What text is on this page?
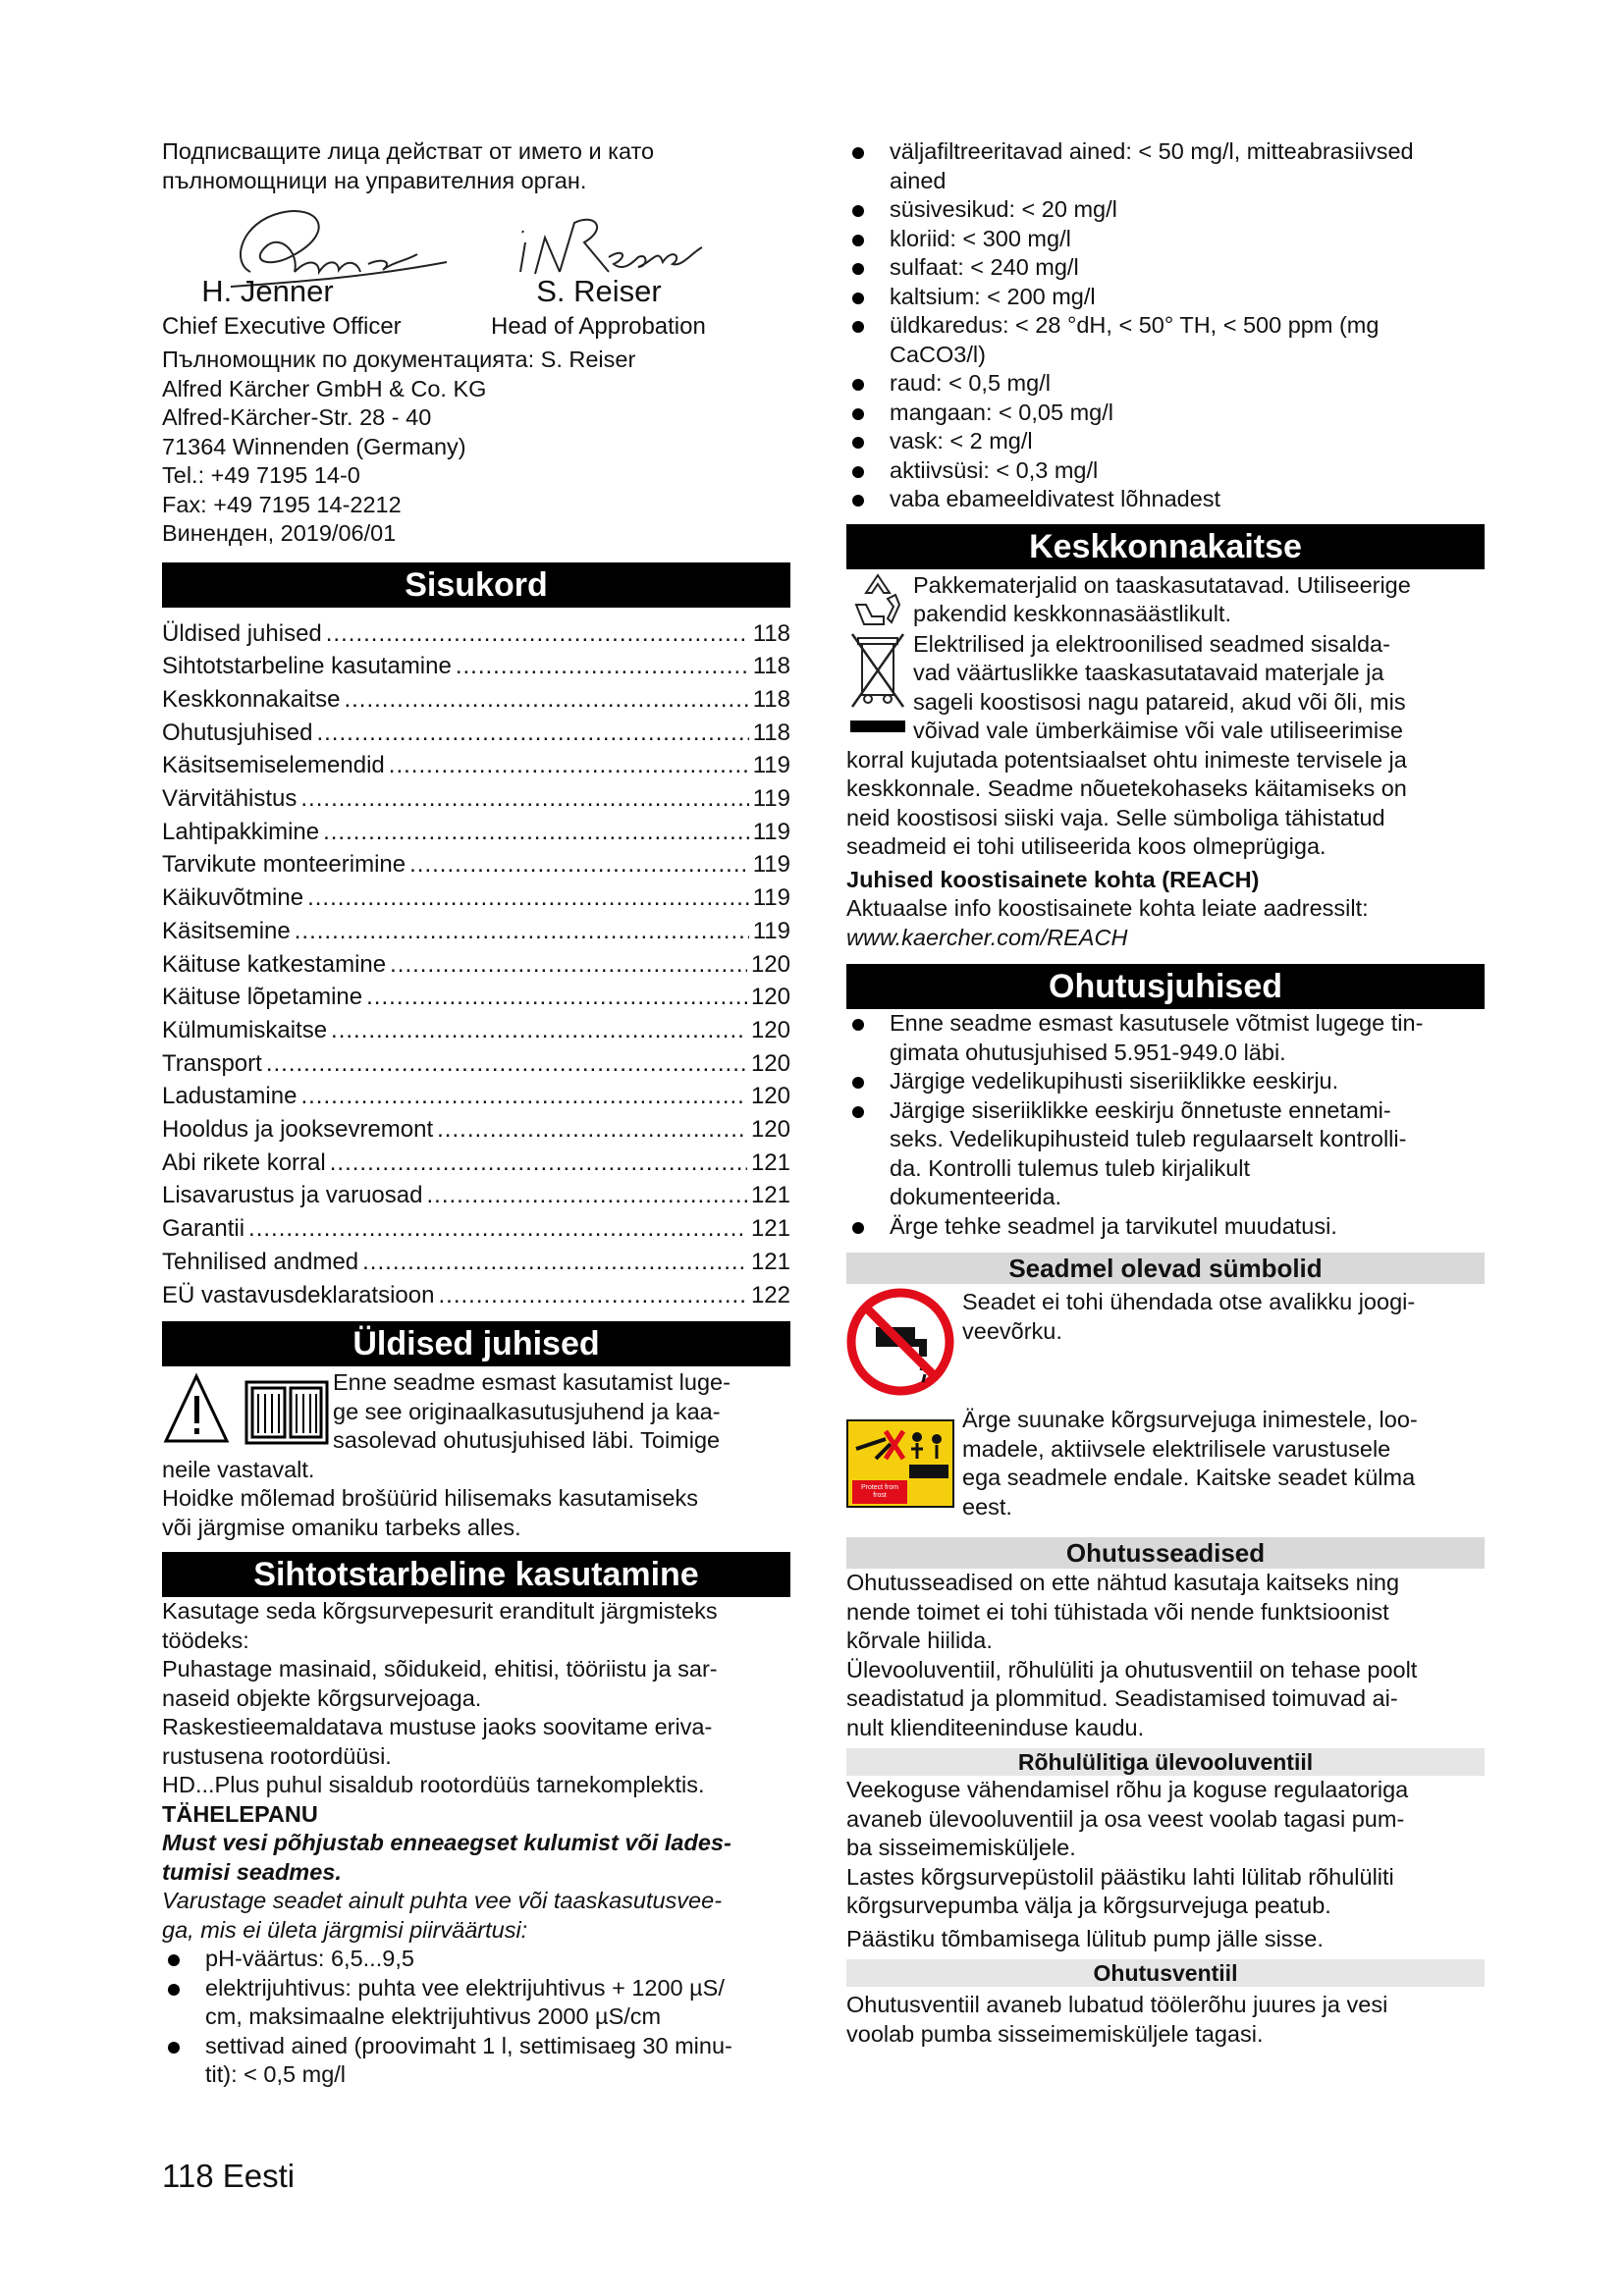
Подписващите лица действат от името и като

пълномощници на управителния орган.

H. Jenner
Chief Executive Officer
S. Reiser
Head of Approbation

Пълномощник по документацията: S. Reiser

Alfred Kärcher GmbH & Co. KG

Alfred-Kärcher-Str. 28 - 40

71364 Winnenden (Germany)

Tel.: +49 7195 14-0

Fax: +49 7195 14-2212

Виненден, 2019/06/01

Sisukord
Üldised juhised .....	118
Sihtotstarbeline kasutamine .....	118
Keskkonnakaitse .....	118
Ohutusjuhised .....	118
Käsitsemiselemendid .....	119
Värvitähistus .....	119
Lahtipakkimine .....	119
Tarvikute monteerimine .....	119
Käikuvõtmine .....	119
Käsitsemine .....	119
Käituse katkestamine .....	120
Käituse lõpetamine .....	120
Külmumiskaitse .....	120
Transport .....	120
Ladustamine .....	120
Hooldus ja jooksevremont .....	120
Abi rikete korral .....	121
Lisavarustus ja varuosad .....	121
Garantii .....	121
Tehnilised andmed .....	121
EÜ vastavusdeklaratsioon .....	122
Üldised juhised

Enne seadme esmast kasutamist luge-

ge see originaalkasutusjuhend ja kaa-

sasolevad ohutusjuhised läbi. Toimige

neile vastavalt.

Hoidke mõlemad brošüürid hilisemaks kasutamiseks

või järgmise omaniku tarbeks alles.

Sihtotstarbeline kasutamine

Kasutage seda kõrgsurvepesurit eranditult järgmisteks

töödeks:

Puhastage masinaid, sõidukeid, ehitisi, tööriistu ja sar-

naseid objekte kõrgsurvejoaga.

Raskestieemaldatava mustuse jaoks soovitame eriva-

rustusena rootordüüsi.

HD...Plus puhul sisaldub rootordüüs tarnekomplektis.

TÄHELEPANU

Must vesi põhjustab enneaegset kulumist või lades-

tumisi seadmes.

Varustage seadet ainult puhta vee või taaskasutusvee-

ga, mis ei ületa järgmisi piirväärtusi:

pH-väärtus: 6,5...9,5
elektrijuhtivus: puhta vee elektrijuhtivus + 1200 µS/
cm, maksimaalne elektrijuhtivus 2000 µS/cm
settivad ained (proovimaht 1 l, settimisaeg 30 minu-
tit): < 0,5 mg/l
väljafiltreeritavad ained: < 50 mg/l, mitteabrasiivsed
ained
süsivesikud: < 20 mg/l
kloriid: < 300 mg/l
sulfaat: < 240 mg/l
kaltsium: < 200 mg/l
üldkaredus: < 28 °dH, < 50° TH, < 500 ppm (mg
CaCO3/l)
raud: < 0,5 mg/l
mangaan: < 0,05 mg/l
vask: < 2 mg/l
aktiivsüsi: < 0,3 mg/l
vaba ebameeldivatest lõhnadest
Keskkonnakaitse

Pakkematerjalid on taaskasutatavad. Utiliseerige

pakendid keskkonnasäästlikult.

Elektrilised ja elektroonilised seadmed sisalda-

vad väärtuslikke taaskasutatavaid materjale ja

sageli koostisosi nagu patareid, akud või õli, mis

võivad vale ümberkäimise või vale utiliseerimise

korral kujutada potentsiaalset ohtu inimeste tervisele ja

keskkonnale. Seadme nõuetekohaseks käitamiseks on

neid koostisosi siiski vaja. Selle sümboliga tähistatud

seadmeid ei tohi utiliseerida koos olmeprügiga.

Juhised koostisainete kohta (REACH)

Aktuaalse info koostisainete kohta leiate aadressilt:

www.kaercher.com/REACH

Ohutusjuhised
Enne seadme esmast kasutusele võtmist lugege tin-
gimata ohutusjuhised 5.951-949.0 läbi.
Järgige vedelikupihusti siseriiklikke eeskirju.
Järgige siseriiklikke eeskirju õnnetuste ennetami-
seks. Vedelikupihusteid tuleb regulaarselt kontrolli-
da. Kontrolli tulemus tuleb kirjalikult
dokumenteerida.
Ärge tehke seadmel ja tarvikutel muudatusi.
Seadmel olevad sümbolid

Seadet ei tohi ühendada otse avalikku joogi-

veevõrku.

Protect from frost

Ärge suunake kõrgsurvejuga inimestele, loo-

madele, aktiivsele elektrilisele varustusele

ega seadmele endale. Kaitske seadet külma

eest.

Ohutusseadised

Ohutusseadised on ette nähtud kasutaja kaitseks ning

nende toimet ei tohi tühistada või nende funktsioonist

kõrvale hiilida.

Ülevooluventiil, rõhulüliti ja ohutusventiil on tehase poolt

seadistatud ja plommitud. Seadistamised toimuvad ai-

nult klienditeeninduse kaudu.

Rõhulülitiga ülevooluventiil

Veekoguse vähendamisel rõhu ja koguse regulaatoriga

avaneb ülevooluventiil ja osa veest voolab tagasi pum-

ba sisseimemisküljele.

Lastes kõrgsurvepüstolil päästiku lahti lülitab rõhulüliti

kõrgsurvepumba välja ja kõrgsurvejuga peatub.

Päästiku tõmbamisega lülitub pump jälle sisse.

Ohutusventiil

Ohutusventiil avaneb lubatud töölerõhu juures ja vesi

voolab pumba sisseimemisküljele tagasi.

118 Eesti
